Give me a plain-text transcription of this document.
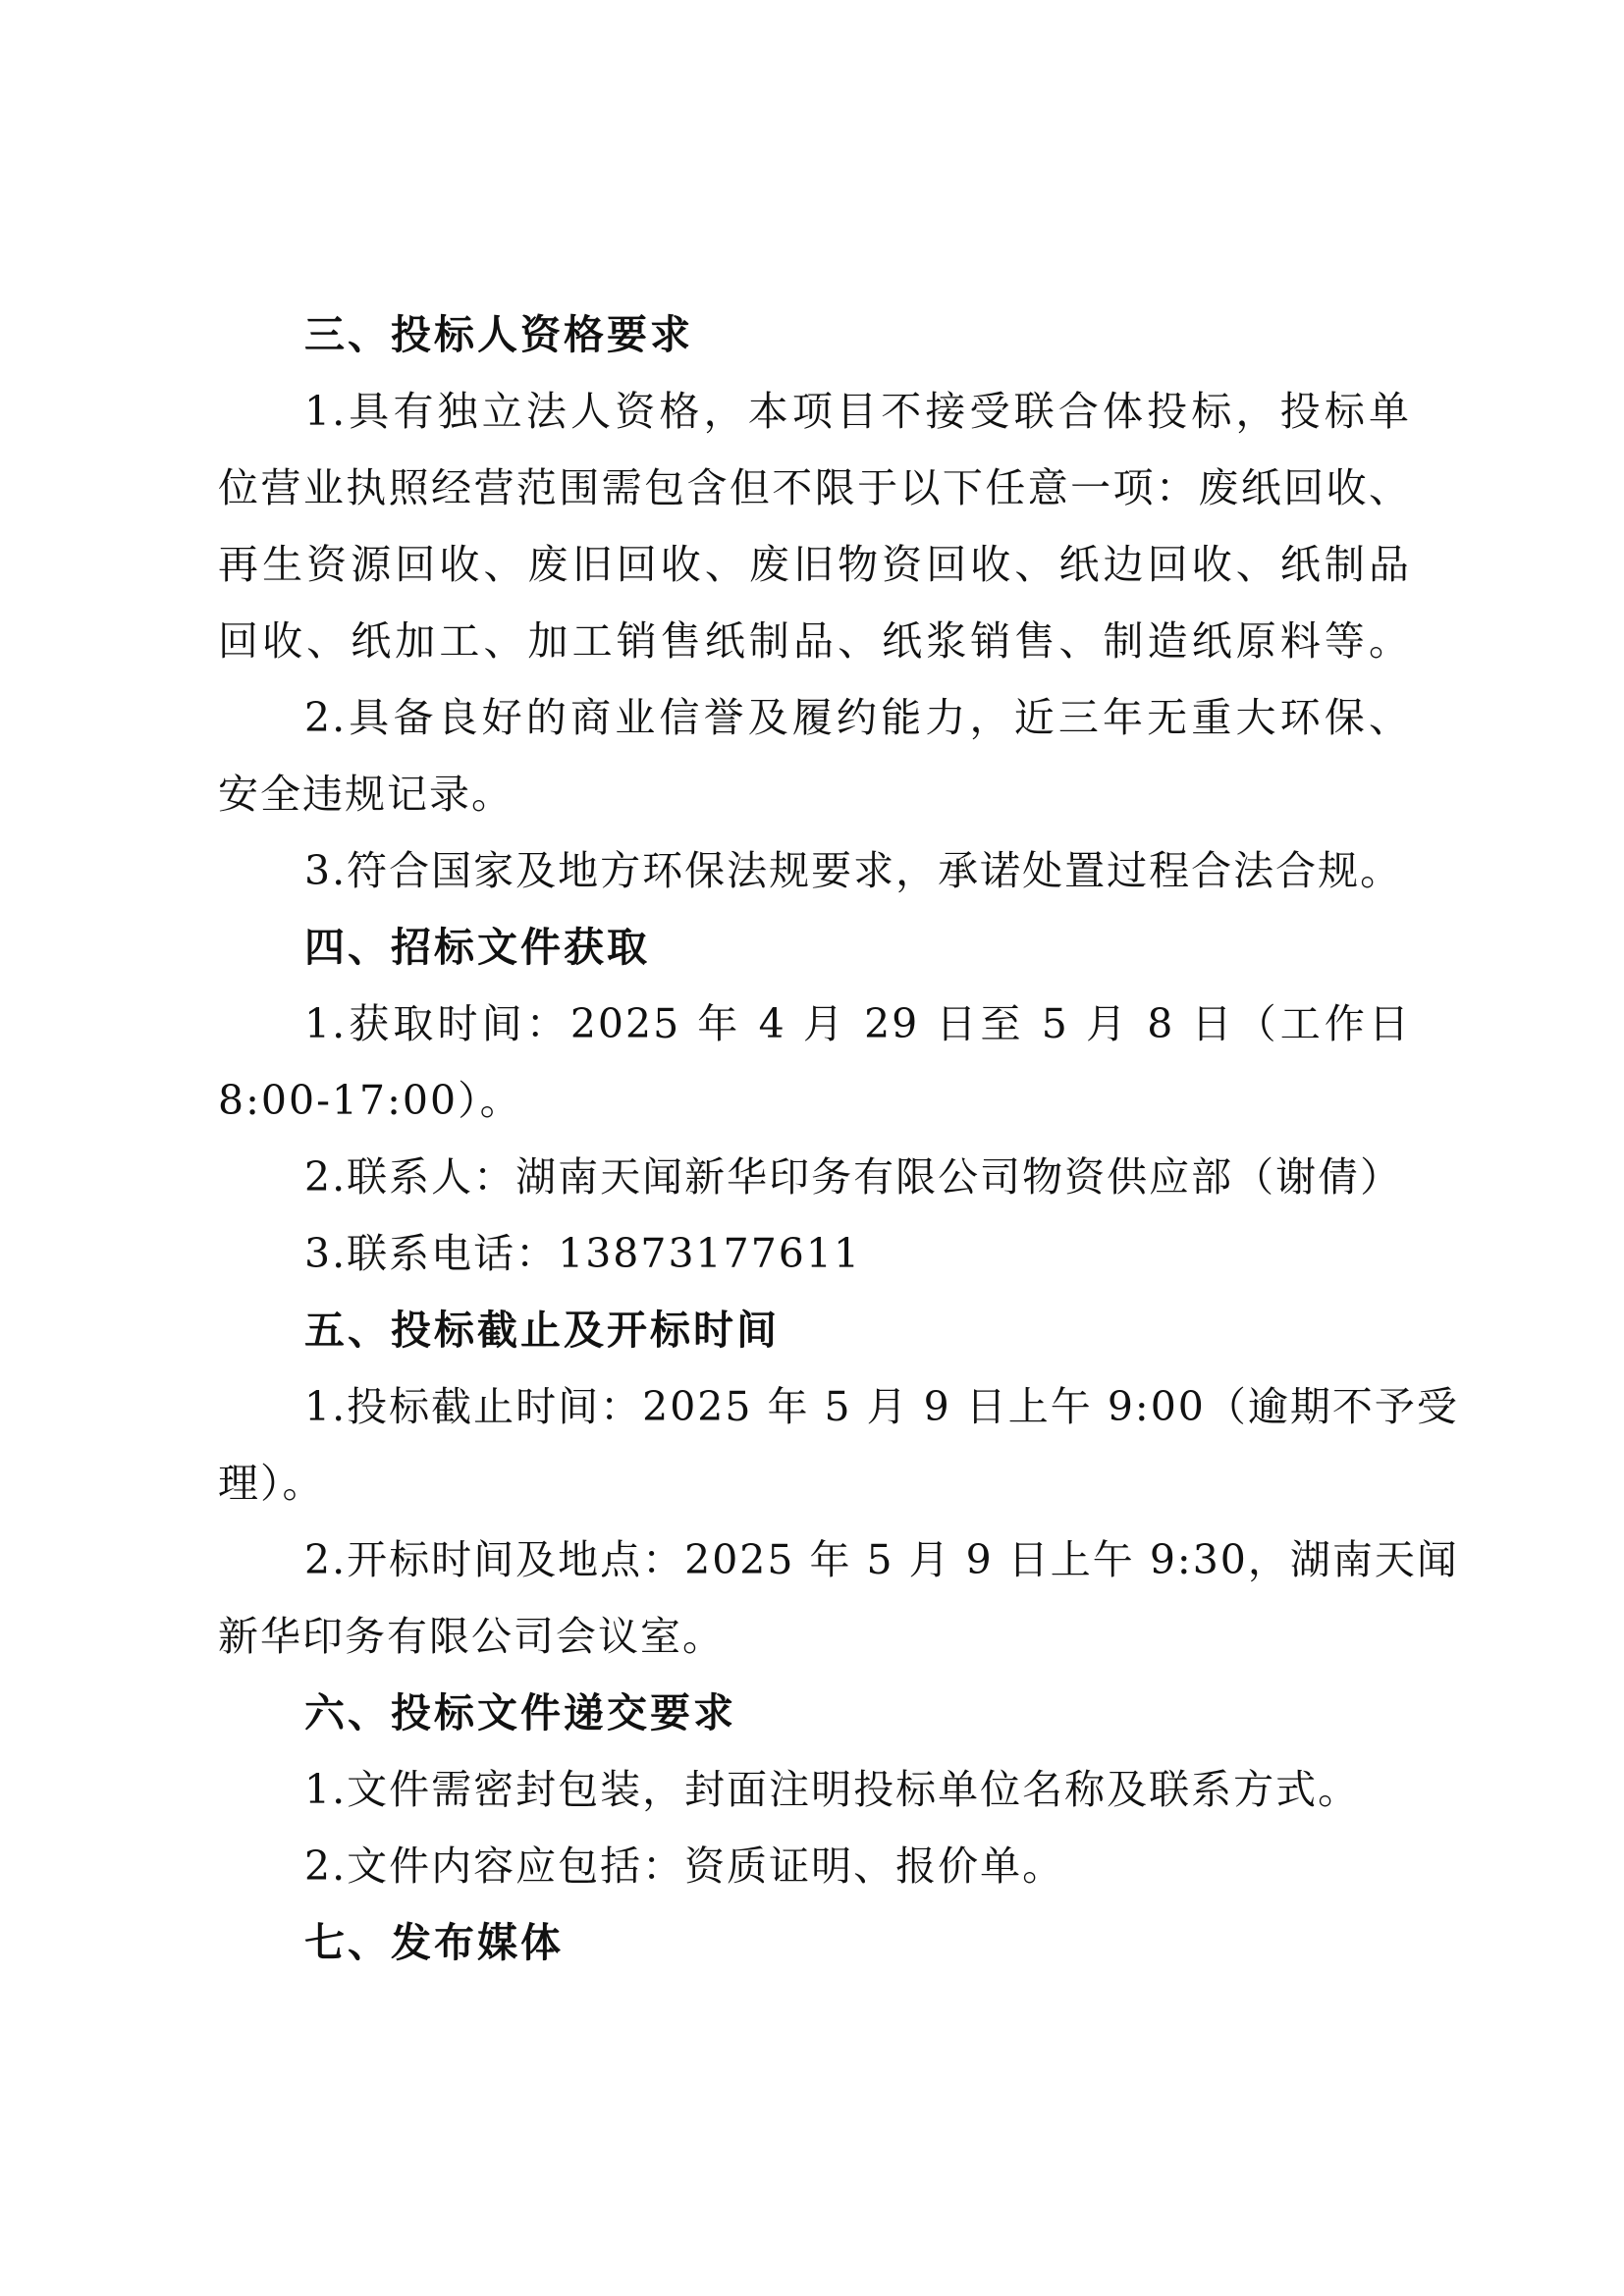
三、投标人资格要求
1.具有独立法人资格，本项目不接受联合体投标，投标单
位营业执照经营范围需包含但不限于以下任意一项：废纸回收、
再生资源回收、废旧回收、废旧物资回收、纸边回收、纸制品
回收、纸加工、加工销售纸制品、纸浆销售、制造纸原料等。
2.具备良好的商业信誉及履约能力，近三年无重大环保、
安全违规记录。
3.符合国家及地方环保法规要求，承诺处置过程合法合规。
四、招标文件获取
1.获取时间：2025 年 4 月 29 日至 5 月 8 日（工作日
8:00-17:00）。
2.联系人：湖南天闻新华印务有限公司物资供应部（谢倩）
3.联系电话：13873177611
五、投标截止及开标时间
1.投标截止时间：2025 年 5 月 9 日上午 9:00（逾期不予受
理）。
2.开标时间及地点：2025 年 5 月 9 日上午 9:30，湖南天闻
新华印务有限公司会议室。
六、投标文件递交要求
1.文件需密封包装，封面注明投标单位名称及联系方式。
2.文件内容应包括：资质证明、报价单。
七、发布媒体
